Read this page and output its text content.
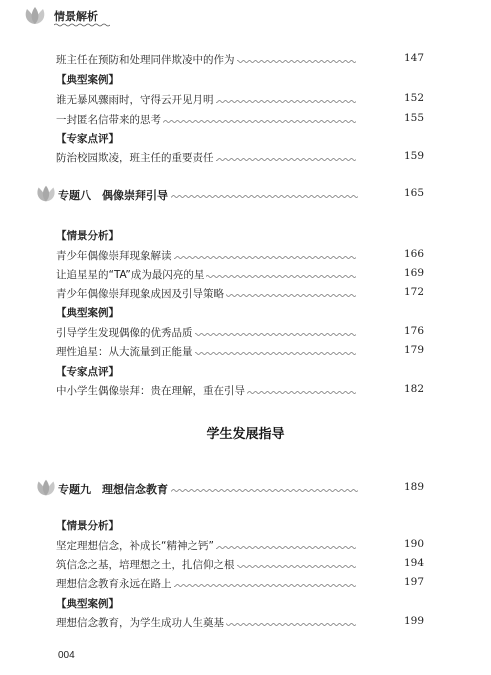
情景解析
班主任在预防和处理同伴欺凌中的作为	147
【典型案例】
谁无暴风骤雨时，守得云开见月明	152
一封匿名信带来的思考	155
【专家点评】
防治校园欺凌，班主任的重要责任	159
专题八　偶像崇拜引导	165
【情景分析】
青少年偶像崇拜现象解读	166
让追星星的“TA”成为最闪亮的星	169
青少年偶像崇拜现象成因及引导策略	172
【典型案例】
引导学生发现偶像的优秀品质	176
理性追星：从大流量到正能量	179
【专家点评】
中小学生偶像崇拜：贵在理解，重在引导	182
学生发展指导
专题九　理想信念教育	189
【情景分析】
坚定理想信念，补成长“精神之钙”	190
筑信念之基，培理想之土，扎信仰之根	194
理想信念教育永远在路上	197
【典型案例】
理想信念教育，为学生成功人生奠基	199
004
